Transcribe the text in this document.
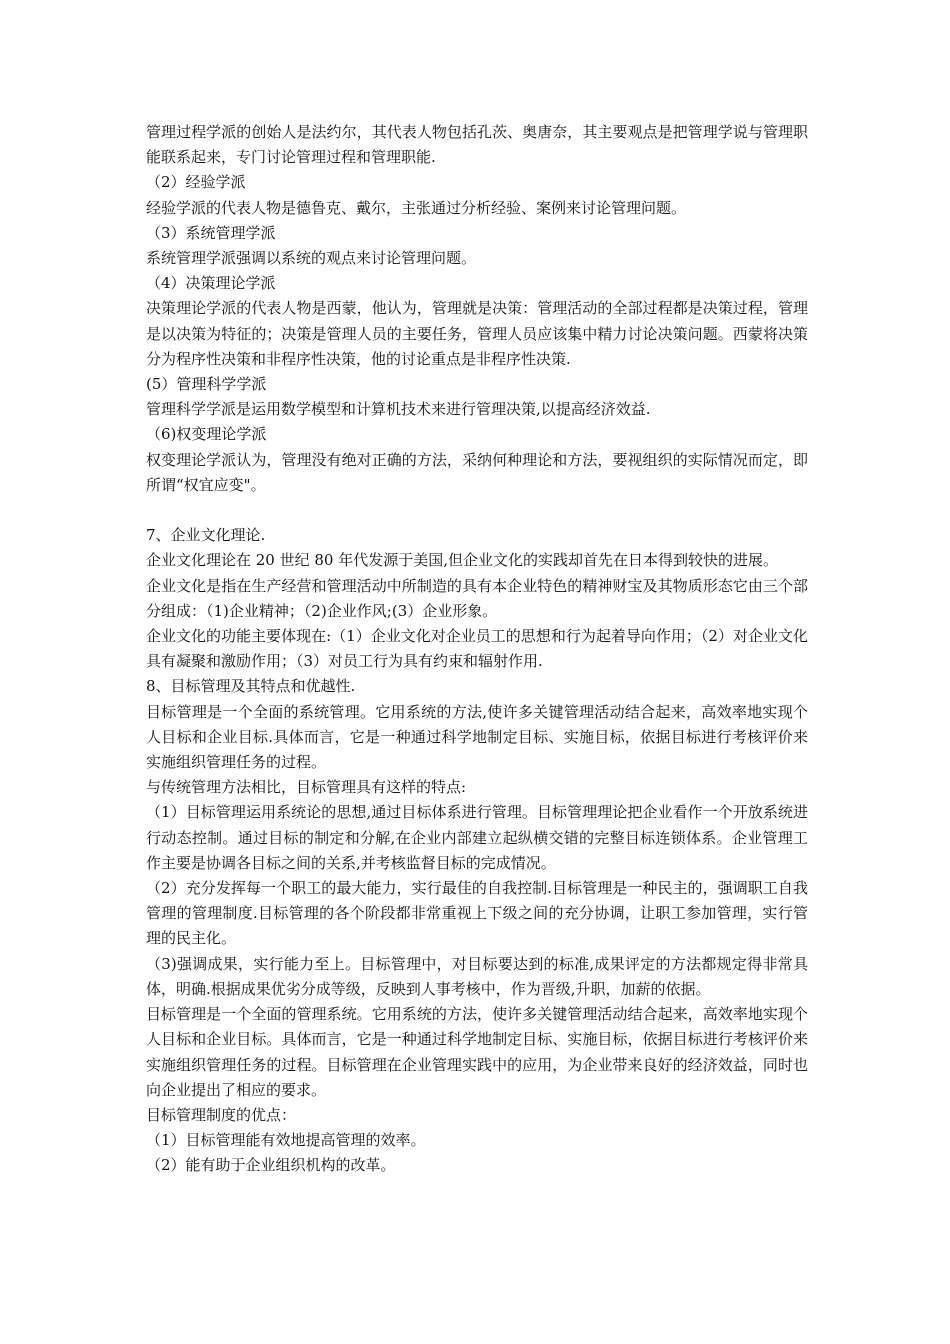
管理过程学派的创始人是法约尔，其代表人物包括孔茨、奥唐奈，其主要观点是把管理学说与管理职能联系起来，专门讨论管理过程和管理职能.

（2）经验学派

经验学派的代表人物是德鲁克、戴尔，主张通过分析经验、案例来讨论管理问题。

（3）系统管理学派

系统管理学派强调以系统的观点来讨论管理问题。

（4）决策理论学派

决策理论学派的代表人物是西蒙，他认为，管理就是决策：管理活动的全部过程都是决策过程，管理是以决策为特征的；决策是管理人员的主要任务，管理人员应该集中精力讨论决策问题。西蒙将决策分为程序性决策和非程序性决策，他的讨论重点是非程序性决策.

(5）管理科学学派

管理科学学派是运用数学模型和计算机技术来进行管理决策,以提高经济效益.

（6)权变理论学派

权变理论学派认为，管理没有绝对正确的方法，采纳何种理论和方法，要视组织的实际情况而定，即所谓“权宜应变"。

7、企业文化理论.

企业文化理论在 20 世纪 80 年代发源于美国,但企业文化的实践却首先在日本得到较快的进展。

企业文化是指在生产经营和管理活动中所制造的具有本企业特色的精神财宝及其物质形态它由三个部分组成：（1)企业精神；（2)企业作风;(3）企业形象。

企业文化的功能主要体现在:（1）企业文化对企业员工的思想和行为起着导向作用；（2）对企业文化具有凝聚和激励作用；（3）对员工行为具有约束和辐射作用.

8、目标管理及其特点和优越性.

目标管理是一个全面的系统管理。它用系统的方法,使许多关键管理活动结合起来，高效率地实现个人目标和企业目标.具体而言，它是一种通过科学地制定目标、实施目标，依据目标进行考核评价来实施组织管理任务的过程。

与传统管理方法相比，目标管理具有这样的特点:

（1）目标管理运用系统论的思想,通过目标体系进行管理。目标管理理论把企业看作一个开放系统进行动态控制。通过目标的制定和分解,在企业内部建立起纵横交错的完整目标连锁体系。企业管理工作主要是协调各目标之间的关系,并考核监督目标的完成情况。

（2）充分发挥每一个职工的最大能力，实行最佳的自我控制.目标管理是一种民主的，强调职工自我管理的管理制度.目标管理的各个阶段都非常重视上下级之间的充分协调，让职工参加管理，实行管理的民主化。

（3)强调成果，实行能力至上。目标管理中，对目标要达到的标准,成果评定的方法都规定得非常具体，明确.根据成果优劣分成等级，反映到人事考核中，作为晋级,升职，加薪的依据。

目标管理是一个全面的管理系统。它用系统的方法，使许多关键管理活动结合起来，高效率地实现个人目标和企业目标。具体而言，它是一种通过科学地制定目标、实施目标，依据目标进行考核评价来实施组织管理任务的过程。目标管理在企业管理实践中的应用，为企业带来良好的经济效益，同时也向企业提出了相应的要求。

目标管理制度的优点：

（1）目标管理能有效地提高管理的效率。

（2）能有助于企业组织机构的改革。
